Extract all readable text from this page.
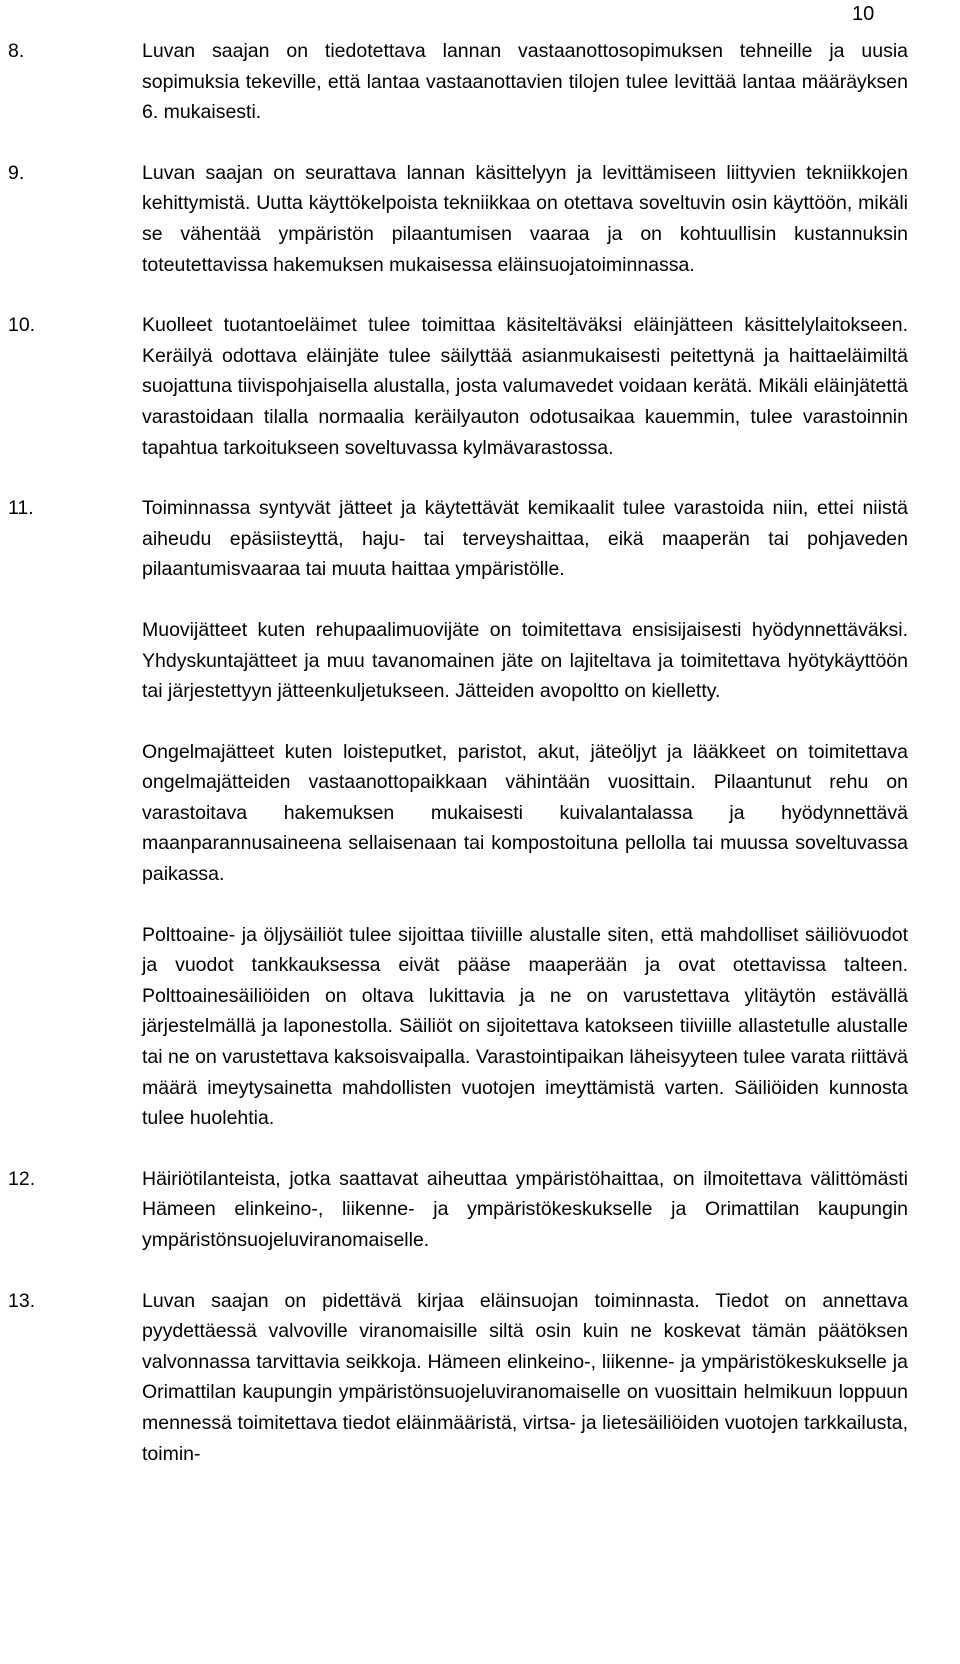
10
8.	Luvan saajan on tiedotettava lannan vastaanottosopimuksen tehneille ja uusia sopimuksia tekeville, että lantaa vastaanottavien tilojen tulee levittää lantaa määräyksen 6. mukaisesti.

9.	Luvan saajan on seurattava lannan käsittelyyn ja levittämiseen liittyvien tekniikkojen kehittymistä. Uutta käyttökelpoista tekniikkaa on otettava soveltuvin osin käyttöön, mikäli se vähentää ympäristön pilaantumisen vaaraa ja on kohtuullisin kustannuksin toteutettavissa hakemuksen mukaisessa eläinsuojatoiminnassa.

10.	Kuolleet tuotantoeläimet tulee toimittaa käsiteltäväksi eläinjätteen käsittelylaitokseen. Keräilyä odottava eläinjäte tulee säilyttää asianmukaisesti peitettynä ja haittaeläimiltä suojattuna tiivispohjaisella alustalla, josta valumavedet voidaan kerätä. Mikäli eläinjätettä varastoidaan tilalla normaalia keräilyauton odotusaikaa kauemmin, tulee varastoinnin tapahtua tarkoitukseen soveltuvassa kylmävarastossa.

11.	Toiminnassa syntyvät jätteet ja käytettävät kemikaalit tulee varastoida niin, ettei niistä aiheudu epäsiisteyttä, haju- tai terveyshaittaa, eikä maaperän tai pohjaveden pilaantumisvaaraa tai muuta haittaa ympäristölle.

Muovijätteet kuten rehupaalimuovijäte on toimitettava ensisijaisesti hyödynnettäväksi. Yhdyskuntajätteet ja muu tavanomainen jäte on lajiteltava ja toimitettava hyötykäyttöön tai järjestettyyn jätteenkuljetukseen. Jätteiden avopoltto on kielletty.

Ongelmajätteet kuten loisteputket, paristot, akut, jäteöljyt ja lääkkeet on toimitettava ongelmajätteiden vastaanottopaikkaan vähintään vuosittain. Pilaantunut rehu on varastoitava hakemuksen mukaisesti kuivalantalassa ja hyödynnettävä maanparannusaineena sellaisenaan tai kompostoituna pellolla tai muussa soveltuvassa paikassa.

Polttoaine- ja öljysäiliöt tulee sijoittaa tiiviille alustalle siten, että mahdolliset säiliövuodot ja vuodot tankkauksessa eivät pääse maaperään ja ovat otettavissa talteen. Polttoainesäiliöiden on oltava lukittavia ja ne on varustettava ylitäytön estävällä järjestelmällä ja laponestolla. Säiliöt on sijoitettava katokseen tiiviille allastetulle alustalle tai ne on varustettava kaksoisvaipalla. Varastointipaikan läheisyyteen tulee varata riittävä määrä imeytysainetta mahdollisten vuotojen imeyttämistä varten. Säiliöiden kunnosta tulee huolehtia.

12.	Häiriötilanteista, jotka saattavat aiheuttaa ympäristöhaittaa, on ilmoitettava välittömästi Hämeen elinkeino-, liikenne- ja ympäristökeskukselle ja Orimattilan kaupungin ympäristönsuojeluviranomaiselle.

13.	Luvan saajan on pidettävä kirjaa eläinsuojan toiminnasta. Tiedot on annettava pyydettäessä valvoville viranomaisille siltä osin kuin ne koskevat tämän päätöksen valvonnassa tarvittavia seikkoja. Hämeen elinkeino-, liikenne- ja ympäristökeskukselle ja Orimattilan kaupungin ympäristönsuojeluviranomaiselle on vuosittain helmikuun loppuun mennessä toimitettava tiedot eläinmääristä, virtsa- ja lietesäiliöiden vuotojen tarkkailusta, toimin-
